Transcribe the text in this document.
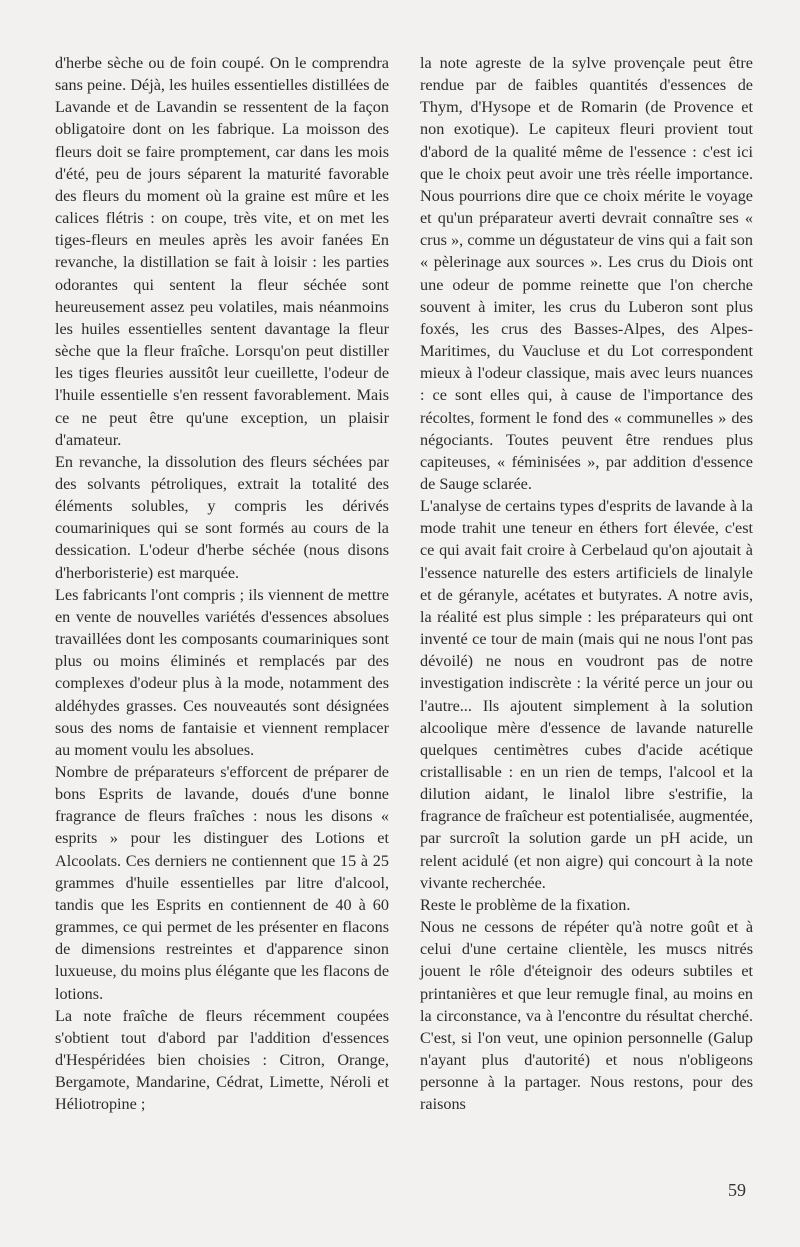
d'herbe sèche ou de foin coupé. On le comprendra sans peine. Déjà, les huiles essentielles distillées de Lavande et de Lavandin se ressentent de la façon obligatoire dont on les fabrique. La moisson des fleurs doit se faire promptement, car dans les mois d'été, peu de jours séparent la maturité favorable des fleurs du moment où la graine est mûre et les calices flétris : on coupe, très vite, et on met les tiges-fleurs en meules après les avoir fanées En revanche, la distillation se fait à loisir : les parties odorantes qui sentent la fleur séchée sont heureusement assez peu volatiles, mais néanmoins les huiles essentielles sentent davantage la fleur sèche que la fleur fraîche. Lorsqu'on peut distiller les tiges fleuries aussitôt leur cueillette, l'odeur de l'huile essentielle s'en ressent favorablement. Mais ce ne peut être qu'une exception, un plaisir d'amateur.

En revanche, la dissolution des fleurs séchées par des solvants pétroliques, extrait la totalité des éléments solubles, y compris les dérivés coumariniques qui se sont formés au cours de la dessication. L'odeur d'herbe séchée (nous disons d'herboristerie) est marquée.

Les fabricants l'ont compris ; ils viennent de mettre en vente de nouvelles variétés d'essences absolues travaillées dont les composants coumariniques sont plus ou moins éliminés et remplacés par des complexes d'odeur plus à la mode, notamment des aldéhydes grasses. Ces nouveautés sont désignées sous des noms de fantaisie et viennent remplacer au moment voulu les absolues.

Nombre de préparateurs s'efforcent de préparer de bons Esprits de lavande, doués d'une bonne fragrance de fleurs fraîches : nous les disons « esprits » pour les distinguer des Lotions et Alcoolats. Ces derniers ne contiennent que 15 à 25 grammes d'huile essentielles par litre d'alcool, tandis que les Esprits en contiennent de 40 à 60 grammes, ce qui permet de les présenter en flacons de dimensions restreintes et d'apparence sinon luxueuse, du moins plus élégante que les flacons de lotions.

La note fraîche de fleurs récemment coupées s'obtient tout d'abord par l'addition d'essences d'Hespéridées bien choisies : Citron, Orange, Bergamote, Mandarine, Cédrat, Limette, Néroli et Héliotropine ;

la note agreste de la sylve provençale peut être rendue par de faibles quantités d'essences de Thym, d'Hysope et de Romarin (de Provence et non exotique). Le capiteux fleuri provient tout d'abord de la qualité même de l'essence : c'est ici que le choix peut avoir une très réelle importance. Nous pourrions dire que ce choix mérite le voyage et qu'un préparateur averti devrait connaître ses « crus », comme un dégustateur de vins qui a fait son « pèlerinage aux sources ». Les crus du Diois ont une odeur de pomme reinette que l'on cherche souvent à imiter, les crus du Luberon sont plus foxés, les crus des Basses-Alpes, des Alpes-Maritimes, du Vaucluse et du Lot correspondent mieux à l'odeur classique, mais avec leurs nuances : ce sont elles qui, à cause de l'importance des récoltes, forment le fond des « communelles » des négociants. Toutes peuvent être rendues plus capiteuses, « féminisées », par addition d'essence de Sauge sclarée.

L'analyse de certains types d'esprits de lavande à la mode trahit une teneur en éthers fort élevée, c'est ce qui avait fait croire à Cerbelaud qu'on ajoutait à l'essence naturelle des esters artificiels de linalyle et de géranyle, acétates et butyrates. A notre avis, la réalité est plus simple : les préparateurs qui ont inventé ce tour de main (mais qui ne nous l'ont pas dévoilé) ne nous en voudront pas de notre investigation indiscrète : la vérité perce un jour ou l'autre... Ils ajoutent simplement à la solution alcoolique mère d'essence de lavande naturelle quelques centimètres cubes d'acide acétique cristallisable : en un rien de temps, l'alcool et la dilution aidant, le linalol libre s'estrifie, la fragrance de fraîcheur est potentialisée, augmentée, par surcroît la solution garde un pH acide, un relent acidulé (et non aigre) qui concourt à la note vivante recherchée.

Reste le problème de la fixation.

Nous ne cessons de répéter qu'à notre goût et à celui d'une certaine clientèle, les muscs nitrés jouent le rôle d'éteignoir des odeurs subtiles et printanières et que leur remugle final, au moins en la circonstance, va à l'encontre du résultat cherché. C'est, si l'on veut, une opinion personnelle (Galup n'ayant plus d'autorité) et nous n'obligeons personne à la partager. Nous restons, pour des raisons

59
